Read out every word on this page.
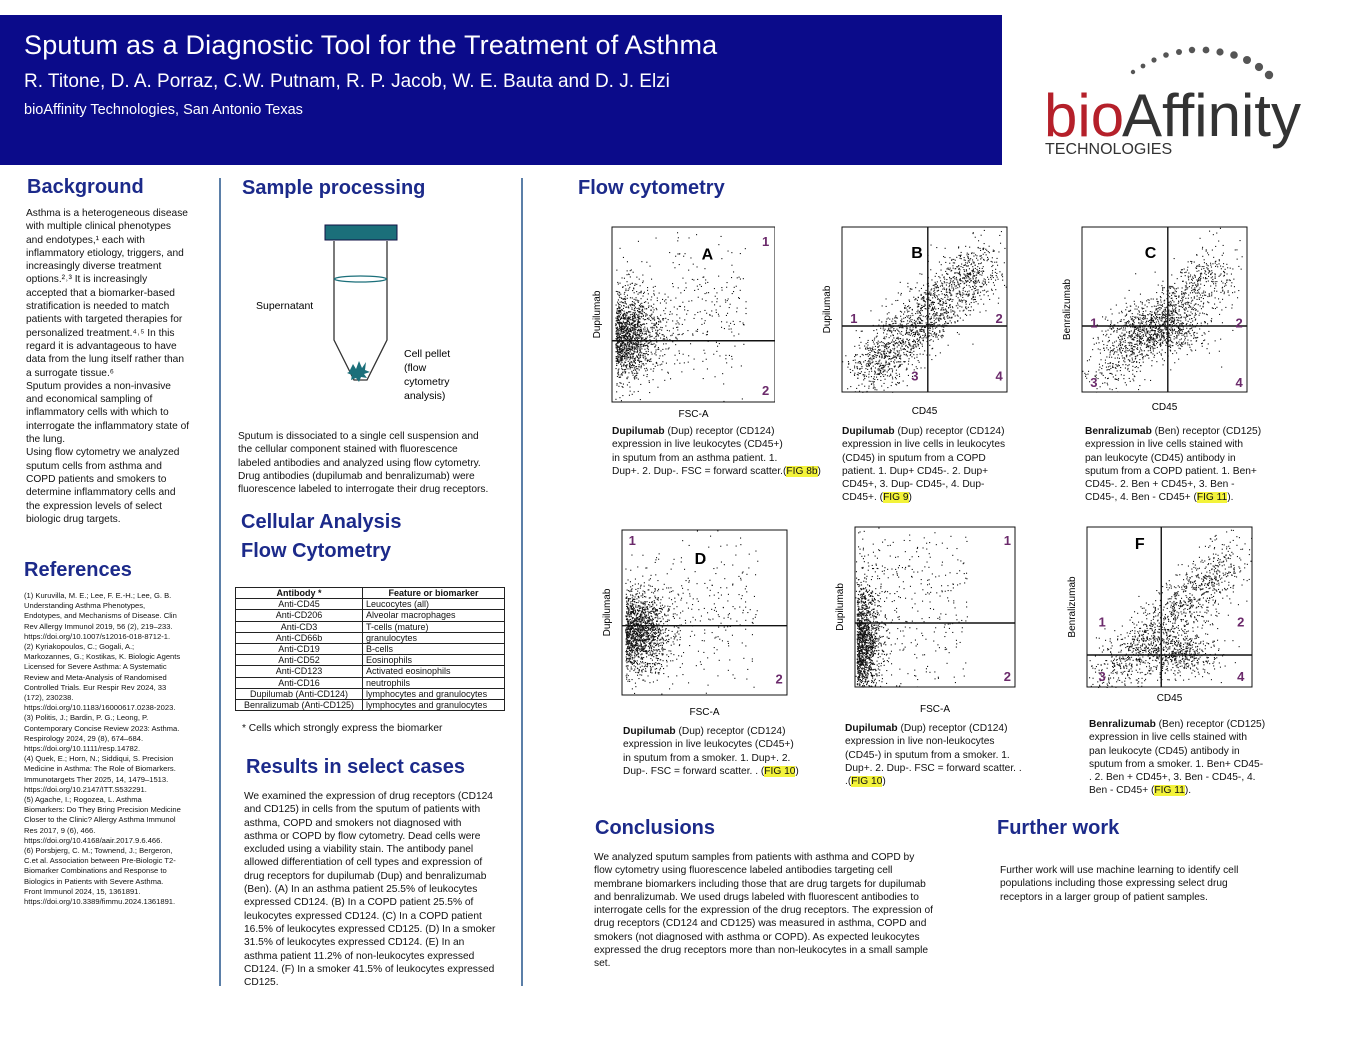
Sputum as a Diagnostic Tool for the Treatment of Asthma
R. Titone, D. A. Porraz, C.W. Putnam, R. P. Jacob, W. E. Bauta and D. J. Elzi
bioAffinity Technologies, San Antonio Texas	bio
Affinity
TECHNOLOGIES
Background
Asthma is a heterogeneous disease
with multiple clinical phenotypes
and endotypes,¹ each with
inflammatory etiology, triggers, and
increasingly diverse treatment
options.²˒³ It is increasingly
accepted that a biomarker-based
stratification is needed to match
patients with targeted therapies for
personalized treatment.⁴˒⁵ In this
regard it is advantageous to have
data from the lung itself rather than
a surrogate tissue.⁶
Sputum provides a non-invasive
and economical sampling of
inflammatory cells with which to
interrogate the inflammatory state of
the lung.
Using flow cytometry we analyzed
sputum cells from asthma and
COPD patients and smokers to
determine inflammatory cells and
the expression levels of select
biologic drug targets.
References
(1) Kuruvilla, M. E.; Lee, F. E.-H.; Lee, G. B.
Understanding Asthma Phenotypes,
Endotypes, and Mechanisms of Disease. Clin
Rev Allergy Immunol 2019, 56 (2), 219–233.
https://doi.org/10.1007/s12016-018-8712-1.
(2) Kyriakopoulos, C.; Gogali, A.;
Markozannes, G.; Kostikas, K. Biologic Agents
Licensed for Severe Asthma: A Systematic
Review and Meta-Analysis of Randomised
Controlled Trials. Eur Respir Rev 2024, 33
(172), 230238.
https://doi.org/10.1183/16000617.0238-2023.
(3) Politis, J.; Bardin, P. G.; Leong, P.
Contemporary Concise Review 2023: Asthma.
Respirology 2024, 29 (8), 674–684.
https://doi.org/10.1111/resp.14782.
(4) Quek, E.; Horn, N.; Siddiqui, S. Precision
Medicine in Asthma: The Role of Biomarkers.
Immunotargets Ther 2025, 14, 1479–1513.
https://doi.org/10.2147/ITT.S532291.
(5) Agache, I.; Rogozea, L. Asthma
Biomarkers: Do They Bring Precision Medicine
Closer to the Clinic? Allergy Asthma Immunol
Res 2017, 9 (6), 466.
https://doi.org/10.4168/aair.2017.9.6.466.
(6) Porsbjerg, C. M.; Townend, J.; Bergeron,
C.et al. Association between Pre-Biologic T2-
Biomarker Combinations and Response to
Biologics in Patients with Severe Asthma.
Front Immunol 2024, 15, 1361891.
https://doi.org/10.3389/fimmu.2024.1361891.
Sample processing
Supernatant
Cell pellet
(flow
cytometry
analysis)
Sputum is dissociated to a single cell suspension and
the cellular component stained with fluorescence
labeled antibodies and analyzed using flow cytometry.
Drug antibodies (dupilumab and benralizumab) were
fluorescence labeled to interrogate their drug receptors.
Cellular Analysis
Flow Cytometry
Antibody *	Feature or biomarker
Anti-CD45	Leucocytes (all)
Anti-CD206	Alveolar macrophages
Anti-CD3	T-cells (mature)
Anti-CD66b	granulocytes
Anti-CD19	B-cells
Anti-CD52	Eosinophils
Anti-CD123	Activated eosinophils
Anti-CD16	neutrophils
Dupilumab (Anti-CD124)	lymphocytes and granulocytes
Benralizumab (Anti-CD125)	lymphocytes and granulocytes
* Cells which strongly express the biomarker
Results in select cases
We examined the expression of drug receptors (CD124
and CD125) in cells from the sputum of patients with
asthma, COPD and smokers not diagnosed with
asthma or COPD by flow cytometry. Dead cells were
excluded using a viability stain. The antibody panel
allowed differentiation of cell types and expression of
drug receptors for dupilumab (Dup) and benralizumab
(Ben). (A) In an asthma patient 25.5% of leukocytes
expressed CD124. (B) In a COPD patient 25.5% of
leukocytes expressed CD124. (C) In a COPD patient
16.5% of leukocytes expressed CD125. (D) In a smoker
31.5% of leukocytes expressed CD124. (E) In an
asthma patient 11.2% of non-leukocytes expressed
CD124. (F) In a smoker 41.5% of leukocytes expressed
CD125.
Flow cytometry
1
2
A
FSC-A
Dupilumab
Dupilumab (Dup) receptor (CD124)
expression in live leukocytes (CD45+)
in sputum from an asthma patient. 1.
Dup+. 2. Dup-. FSC = forward scatter.(FIG 8b)
1	2
3	4
B
CD45
Dupilumab
Dupilumab (Dup) receptor (CD124)
expression in live cells in leukocytes
(CD45) in sputum from a COPD
patient. 1. Dup+ CD45-. 2. Dup+
CD45+, 3. Dup- CD45-, 4. Dup-
CD45+. (FIG 9)
1	2
3	4
C
CD45
Benralizumab
Benralizumab (Ben) receptor (CD125)
expression in live cells stained with
pan leukocyte (CD45) antibody in
sputum from a COPD patient. 1. Ben+
CD45-. 2. Ben + CD45+, 3. Ben -
CD45-, 4. Ben - CD45+ (FIG 11).
1
2
D
FSC-A
Dupilumab
Dupilumab (Dup) receptor (CD124)
expression in live leukocytes (CD45+)
in sputum from a smoker. 1. Dup+. 2.
Dup-. FSC = forward scatter. . (FIG 10)
1
2
FSC-A
Dupilumab
Dupilumab (Dup) receptor (CD124)
expression in live non-leukocytes
(CD45-) in sputum from a smoker. 1.
Dup+. 2. Dup-. FSC = forward scatter. .
.(FIG 10)
1	2
3	4
F
CD45
Benralizumab
Benralizumab (Ben) receptor (CD125)
expression in live cells stained with
pan leukocyte (CD45) antibody in
sputum from a smoker. 1. Ben+ CD45-
. 2. Ben + CD45+, 3. Ben - CD45-, 4.
Ben - CD45+ (FIG 11).
Conclusions
We analyzed sputum samples from patients with asthma and COPD by
flow cytometry using fluorescence labeled antibodies targeting cell
membrane biomarkers including those that are drug targets for dupilumab
and benralizumab. We used drugs labeled with fluorescent antibodies to
interrogate cells for the expression of the drug receptors. The expression of
drug receptors (CD124 and CD125) was measured in asthma, COPD and
smokers (not diagnosed with asthma or COPD). As expected leukocytes
expressed the drug receptors more than non-leukocytes in a small sample
set.
Further work
Further work will use machine learning to identify cell
populations including those expressing select drug
receptors in a larger group of patient samples.
